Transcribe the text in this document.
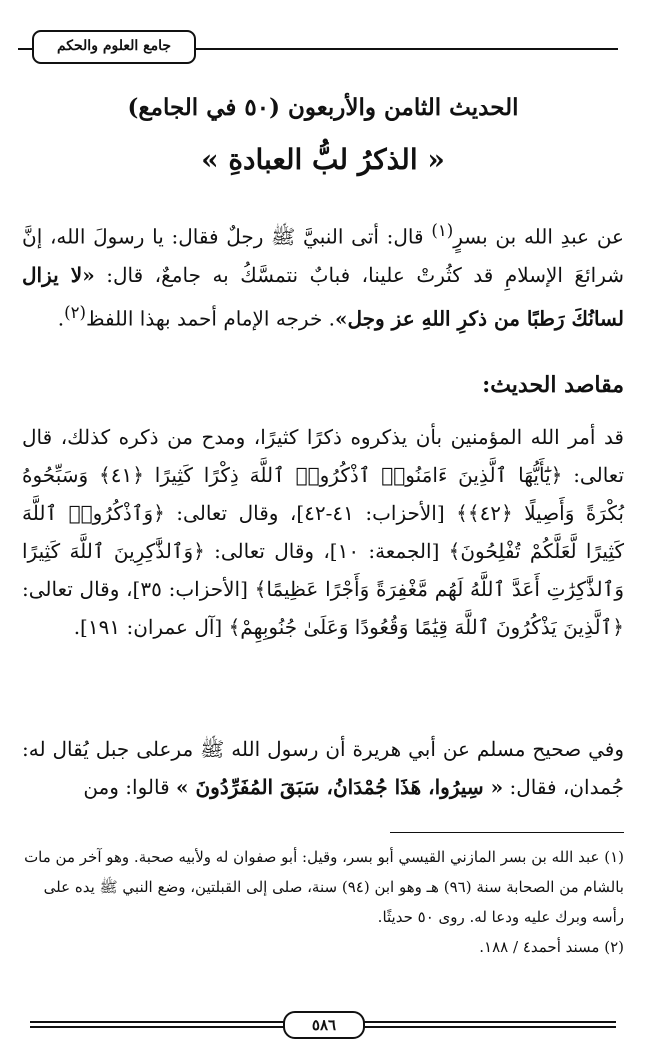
جامع العلوم والحكم
الحديث الثامن والأربعون (٥٠ في الجامع)
« الذكرُ لبُّ العبادةِ »
عن عبدِ الله بن بسرٍ$^{(١)}$ قال: أتى النبيَّ ﷺ رجلٌ فقال: يا رسولَ الله، إنَّ شرائعَ الإسلامِ قد كثُرتْ علينا، فبابٌ نتمسَّكُ به جامعٌ، قال: «لا يزال لسانُكَ رَطبًا من ذكرِ اللهِ عز وجل». خرجه الإمام أحمد بهذا اللفظ$^{(٢)}$.
مقاصد الحديث:
قد أمر الله المؤمنين بأن يذكروه ذكرًا كثيرًا، ومدح من ذكره كذلك، قال تعالى: ﴿يَٰٓأَيُّهَا ٱلَّذِينَ ءَامَنُوا۟ ٱذْكُرُوا۟ ٱللَّهَ ذِكْرًا كَثِيرًا ﴿٤١﴾ وَسَبِّحُوهُ بُكْرَةً وَأَصِيلًا ﴿٤٢﴾﴾ [الأحزاب: ٤١-٤٢]، وقال تعالى: ﴿وَٱذْكُرُوا۟ ٱللَّهَ كَثِيرًا لَّعَلَّكُمْ تُفْلِحُونَ﴾ [الجمعة: ١٠]، وقال تعالى: ﴿وَٱلذَّٰكِرِينَ ٱللَّهَ كَثِيرًا وَٱلذَّٰكِرَٰتِ أَعَدَّ ٱللَّهُ لَهُم مَّغْفِرَةً وَأَجْرًا عَظِيمًا﴾ [الأحزاب: ٣٥]، وقال تعالى: ﴿ٱلَّذِينَ يَذْكُرُونَ ٱللَّهَ قِيَٰمًا وَقُعُودًا وَعَلَىٰ جُنُوبِهِمْ﴾ [آل عمران: ١٩١].
وفي صحيح مسلم عن أبي هريرة أن رسول الله ﷺ مرعلى جبل يُقال له: جُمدان، فقال: « سِيرُوا، هَذَا جُمْدَانُ، سَبَقَ المُفَرِّدُونَ » قالوا: ومن

(١) عبد الله بن بسر المازني القيسي أبو بسر، وقيل: أبو صفوان له ولأبيه صحبة. وهو آخر من مات بالشام من الصحابة سنة (٩٦) هـ وهو ابن (٩٤) سنة، صلى إلى القبلتين، وضع النبي ﷺ يده على رأسه وبرك عليه ودعا له. روى ٥٠ حديثًا.

(٢) مسند أحمد٤ / ١٨٨.

٥٨٦
